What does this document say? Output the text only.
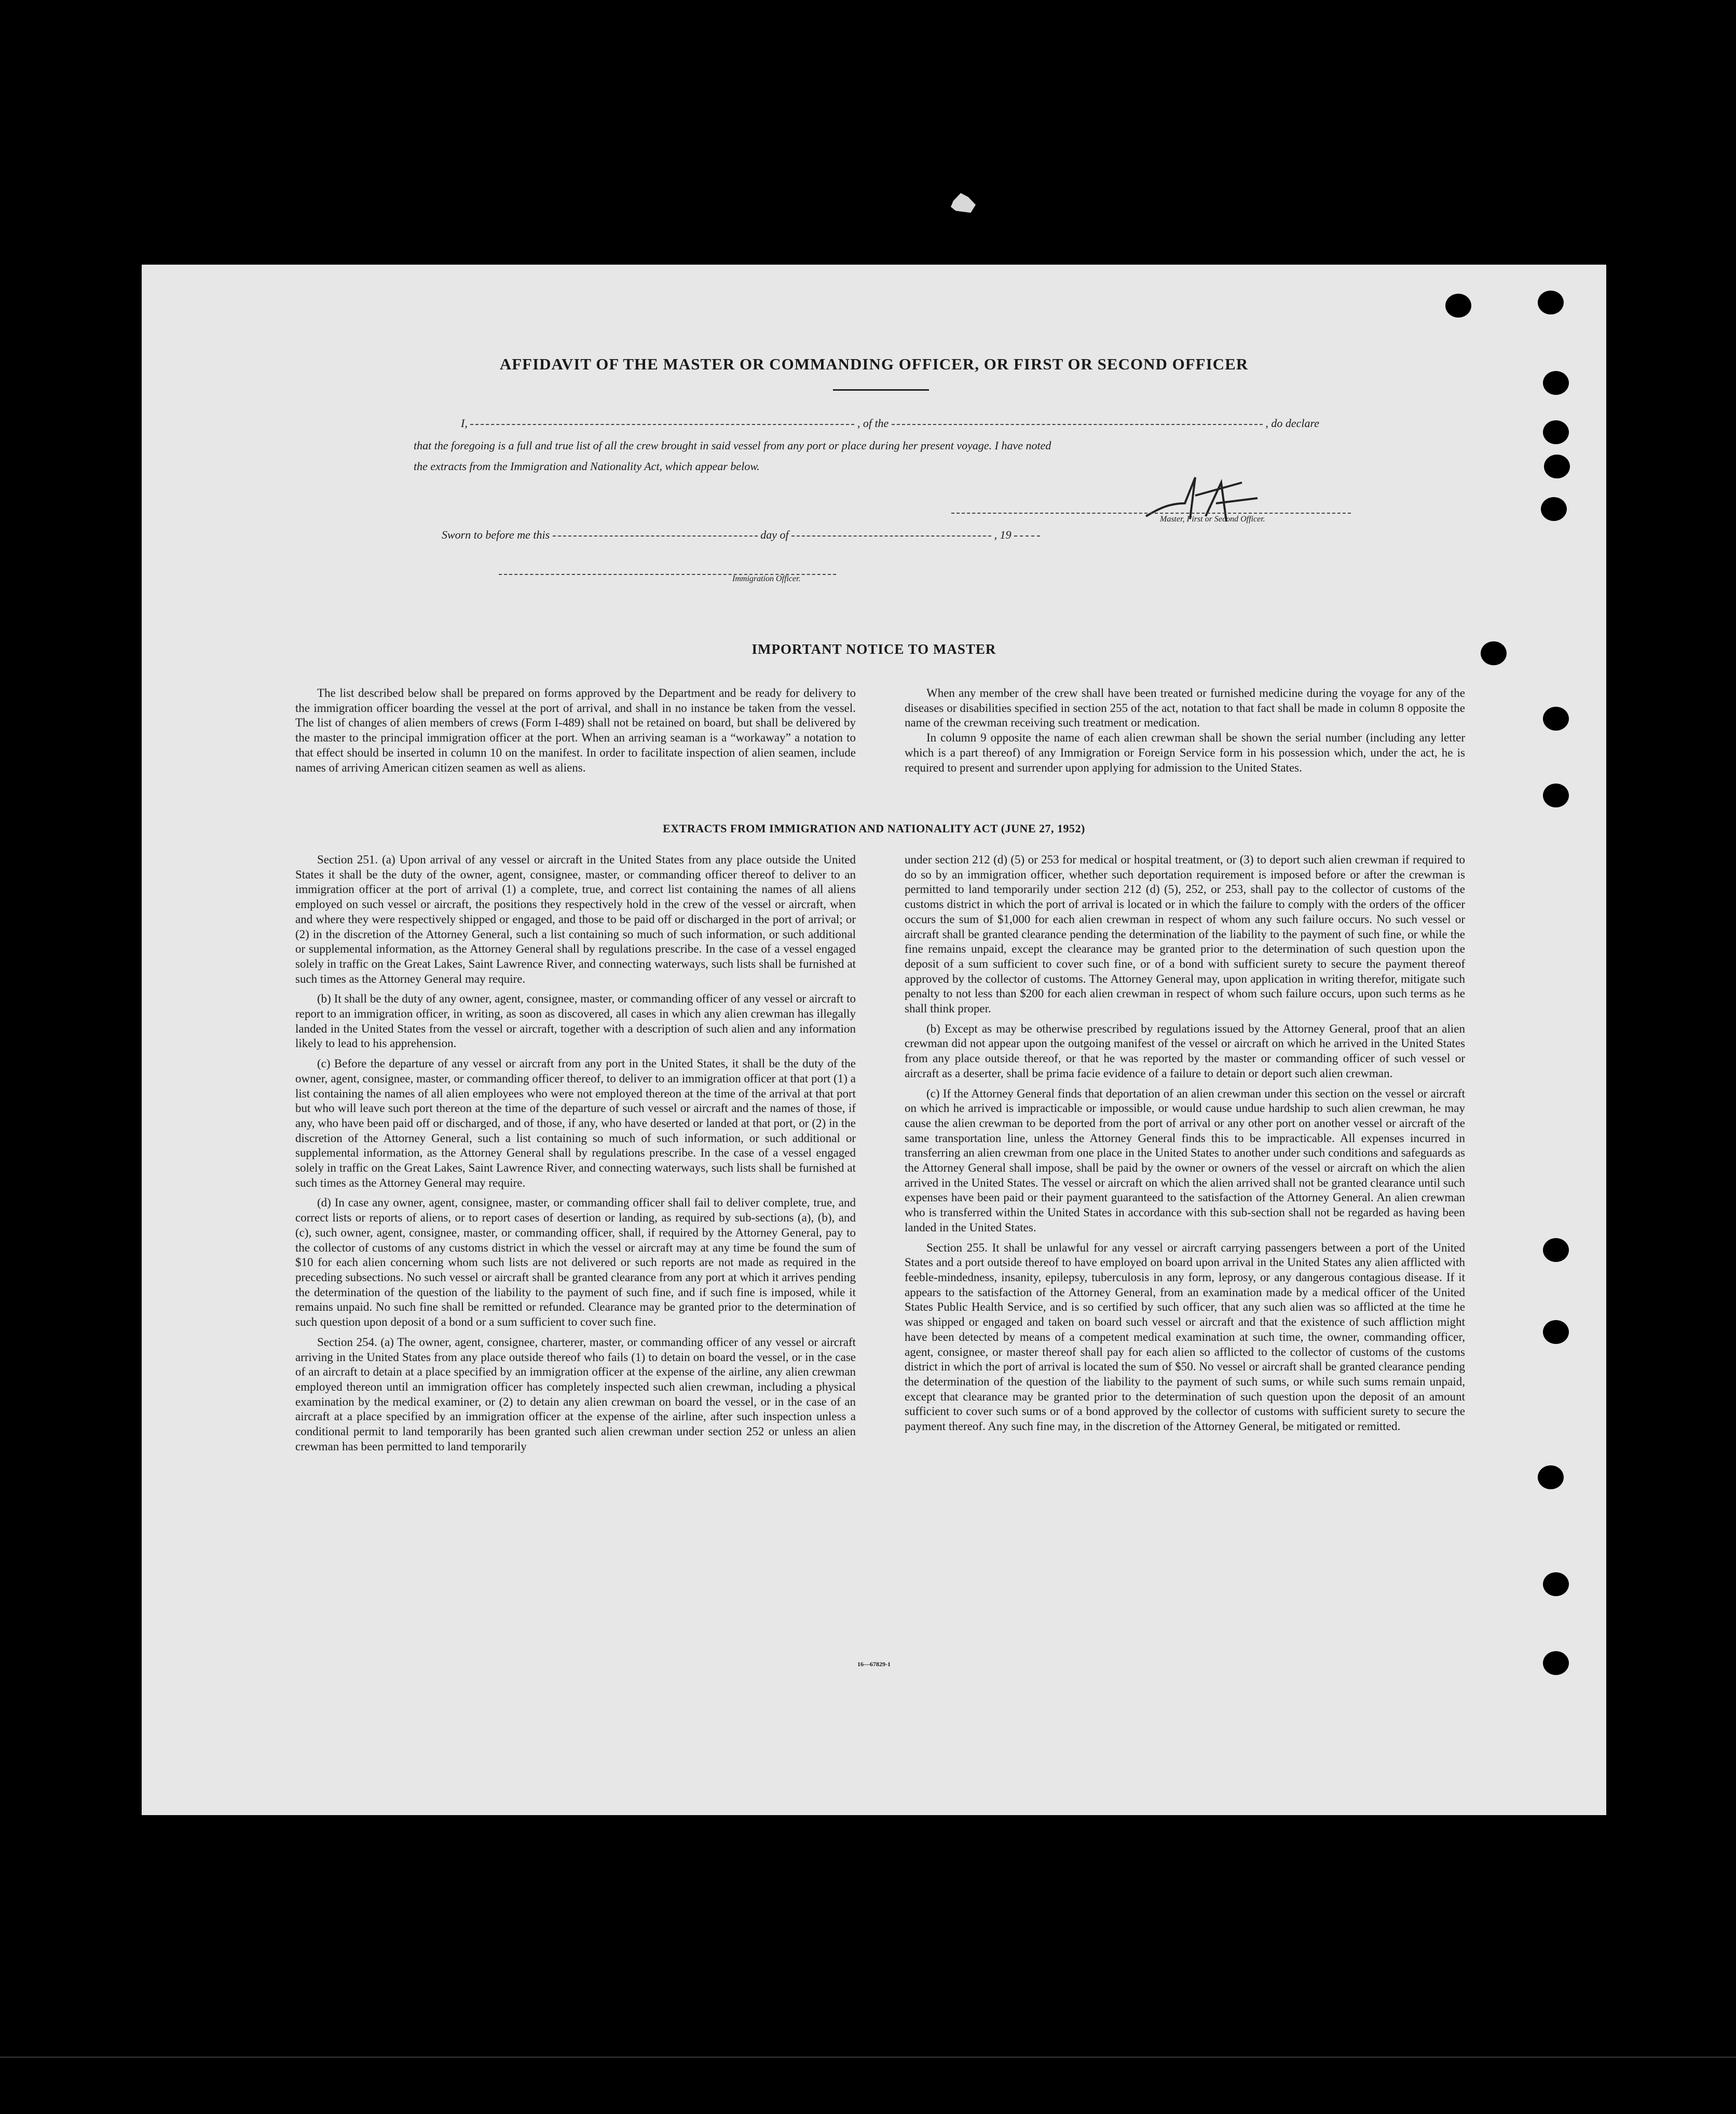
AFFIDAVIT OF THE MASTER OR COMMANDING OFFICER, OR FIRST OR SECOND OFFICER
I,	, of the	, do declare
that the foregoing is a full and true list of all the crew brought in said vessel from any port or place during her present voyage. I have noted
the extracts from the Immigration and Nationality Act, which appear below.
Master, First or Second Officer.
Sworn to before me this	day of	, 19
Immigration Officer.
IMPORTANT NOTICE TO MASTER

The list described below shall be prepared on forms approved by the Department and be ready for delivery to the immigration officer boarding the vessel at the port of arrival, and shall in no instance be taken from the vessel. The list of changes of alien members of crews (Form I-489) shall not be retained on board, but shall be delivered by the master to the principal immigration officer at the port. When an arriving seaman is a “workaway” a notation to that effect should be inserted in column 10 on the manifest. In order to facilitate inspection of alien seamen, include names of arriving American citizen seamen as well as aliens.

When any member of the crew shall have been treated or furnished medicine during the voyage for any of the diseases or disabilities specified in section 255 of the act, notation to that fact shall be made in column 8 opposite the name of the crewman receiving such treatment or medication.

In column 9 opposite the name of each alien crewman shall be shown the serial number (including any letter which is a part thereof) of any Immigration or Foreign Service form in his possession which, under the act, he is required to present and surrender upon applying for admission to the United States.

EXTRACTS FROM IMMIGRATION AND NATIONALITY ACT (JUNE 27, 1952)

Section 251. (a) Upon arrival of any vessel or aircraft in the United States from any place outside the United States it shall be the duty of the owner, agent, consignee, master, or commanding officer thereof to deliver to an immigration officer at the port of arrival (1) a complete, true, and correct list containing the names of all aliens employed on such vessel or aircraft, the positions they respectively hold in the crew of the vessel or aircraft, when and where they were respectively shipped or engaged, and those to be paid off or discharged in the port of arrival; or (2) in the discretion of the Attorney General, such a list containing so much of such information, or such additional or supplemental information, as the Attorney General shall by regulations prescribe. In the case of a vessel engaged solely in traffic on the Great Lakes, Saint Lawrence River, and connecting waterways, such lists shall be furnished at such times as the Attorney General may require.

(b) It shall be the duty of any owner, agent, consignee, master, or commanding officer of any vessel or aircraft to report to an immigration officer, in writing, as soon as discovered, all cases in which any alien crewman has illegally landed in the United States from the vessel or aircraft, together with a description of such alien and any information likely to lead to his apprehension.

(c) Before the departure of any vessel or aircraft from any port in the United States, it shall be the duty of the owner, agent, consignee, master, or commanding officer thereof, to deliver to an immigration officer at that port (1) a list containing the names of all alien employees who were not employed thereon at the time of the arrival at that port but who will leave such port thereon at the time of the departure of such vessel or aircraft and the names of those, if any, who have been paid off or discharged, and of those, if any, who have deserted or landed at that port, or (2) in the discretion of the Attorney General, such a list containing so much of such information, or such additional or supplemental information, as the Attorney General shall by regulations prescribe. In the case of a vessel engaged solely in traffic on the Great Lakes, Saint Lawrence River, and connecting waterways, such lists shall be furnished at such times as the Attorney General may require.

(d) In case any owner, agent, consignee, master, or commanding officer shall fail to deliver complete, true, and correct lists or reports of aliens, or to report cases of desertion or landing, as required by sub-sections (a), (b), and (c), such owner, agent, consignee, master, or commanding officer, shall, if required by the Attorney General, pay to the collector of customs of any customs district in which the vessel or aircraft may at any time be found the sum of $10 for each alien concerning whom such lists are not delivered or such reports are not made as required in the preceding subsections. No such vessel or aircraft shall be granted clearance from any port at which it arrives pending the determination of the question of the liability to the payment of such fine, and if such fine is imposed, while it remains unpaid. No such fine shall be remitted or refunded. Clearance may be granted prior to the determination of such question upon deposit of a bond or a sum sufficient to cover such fine.

Section 254. (a) The owner, agent, consignee, charterer, master, or commanding officer of any vessel or aircraft arriving in the United States from any place outside thereof who fails (1) to detain on board the vessel, or in the case of an aircraft to detain at a place specified by an immigration officer at the expense of the airline, any alien crewman employed thereon until an immigration officer has completely inspected such alien crewman, including a physical examination by the medical examiner, or (2) to detain any alien crewman on board the vessel, or in the case of an aircraft at a place specified by an immigration officer at the expense of the airline, after such inspection unless a conditional permit to land temporarily has been granted such alien crewman under section 252 or unless an alien crewman has been permitted to land temporarily

under section 212 (d) (5) or 253 for medical or hospital treatment, or (3) to deport such alien crewman if required to do so by an immigration officer, whether such deportation requirement is imposed before or after the crewman is permitted to land temporarily under section 212 (d) (5), 252, or 253, shall pay to the collector of customs of the customs district in which the port of arrival is located or in which the failure to comply with the orders of the officer occurs the sum of $1,000 for each alien crewman in respect of whom any such failure occurs. No such vessel or aircraft shall be granted clearance pending the determination of the liability to the payment of such fine, or while the fine remains unpaid, except the clearance may be granted prior to the determination of such question upon the deposit of a sum sufficient to cover such fine, or of a bond with sufficient surety to secure the payment thereof approved by the collector of customs. The Attorney General may, upon application in writing therefor, mitigate such penalty to not less than $200 for each alien crewman in respect of whom such failure occurs, upon such terms as he shall think proper.

(b) Except as may be otherwise prescribed by regulations issued by the Attorney General, proof that an alien crewman did not appear upon the outgoing manifest of the vessel or aircraft on which he arrived in the United States from any place outside thereof, or that he was reported by the master or commanding officer of such vessel or aircraft as a deserter, shall be prima facie evidence of a failure to detain or deport such alien crewman.

(c) If the Attorney General finds that deportation of an alien crewman under this section on the vessel or aircraft on which he arrived is impracticable or impossible, or would cause undue hardship to such alien crewman, he may cause the alien crewman to be deported from the port of arrival or any other port on another vessel or aircraft of the same transportation line, unless the Attorney General finds this to be impracticable. All expenses incurred in transferring an alien crewman from one place in the United States to another under such conditions and safeguards as the Attorney General shall impose, shall be paid by the owner or owners of the vessel or aircraft on which the alien arrived in the United States. The vessel or aircraft on which the alien arrived shall not be granted clearance until such expenses have been paid or their payment guaranteed to the satisfaction of the Attorney General. An alien crewman who is transferred within the United States in accordance with this sub-section shall not be regarded as having been landed in the United States.

Section 255. It shall be unlawful for any vessel or aircraft carrying passengers between a port of the United States and a port outside thereof to have employed on board upon arrival in the United States any alien afflicted with feeble-mindedness, insanity, epilepsy, tuberculosis in any form, leprosy, or any dangerous contagious disease. If it appears to the satisfaction of the Attorney General, from an examination made by a medical officer of the United States Public Health Service, and is so certified by such officer, that any such alien was so afflicted at the time he was shipped or engaged and taken on board such vessel or aircraft and that the existence of such affliction might have been detected by means of a competent medical examination at such time, the owner, commanding officer, agent, consignee, or master thereof shall pay for each alien so afflicted to the collector of customs of the customs district in which the port of arrival is located the sum of $50. No vessel or aircraft shall be granted clearance pending the determination of the question of the liability to the payment of such sums, or while such sums remain unpaid, except that clearance may be granted prior to the determination of such question upon the deposit of an amount sufficient to cover such sums or of a bond approved by the collector of customs with sufficient surety to secure the payment thereof. Any such fine may, in the discretion of the Attorney General, be mitigated or remitted.

16—67829-1
